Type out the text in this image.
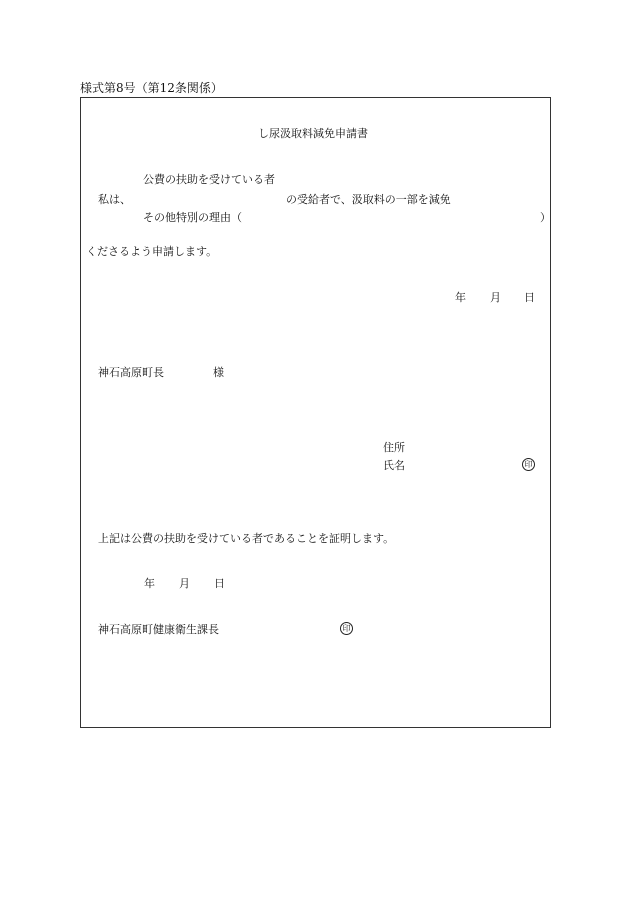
様式第8号（第12条関係）
し尿汲取料減免申請書
公費の扶助を受けている者
私は、	の受給者で、汲取料の一部を減免
その他特別の理由（	）
くださるよう申請します。
年 月 日
神石高原町長	様
住所
氏名	印
上記は公費の扶助を受けている者であることを証明します。
年 月 日
神石高原町健康衛生課長	印
